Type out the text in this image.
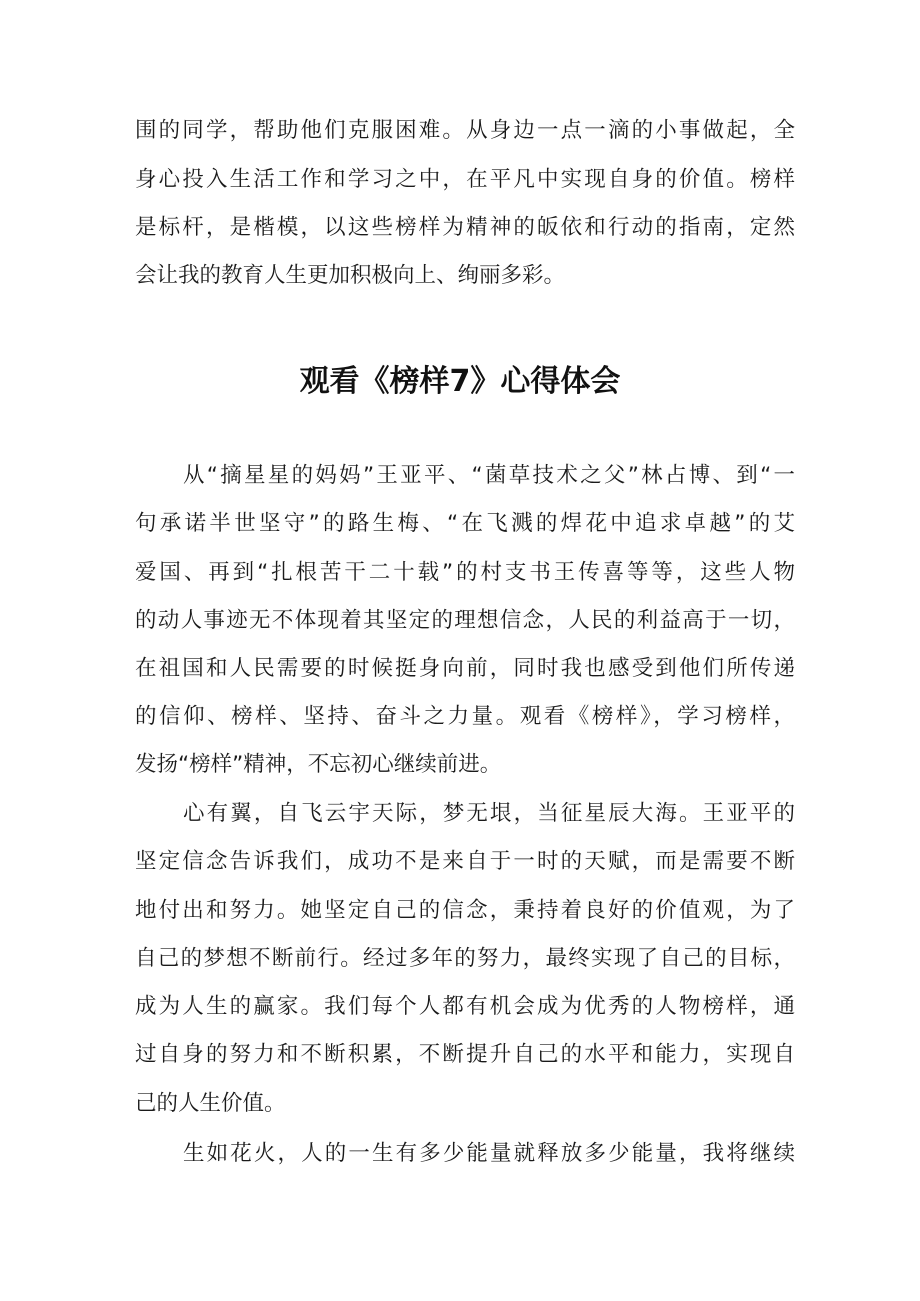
围的同学，帮助他们克服困难。从身边一点一滴的小事做起，全
身心投入生活工作和学习之中，在平凡中实现自身的价值。榜样
是标杆，是楷模，以这些榜样为精神的皈依和行动的指南，定然
会让我的教育人生更加积极向上、绚丽多彩。
观看《榜样7》心得体会
从“摘星星的妈妈”王亚平、“菌草技术之父”林占博、到“一
句承诺半世坚守”的路生梅、“在飞溅的焊花中追求卓越”的艾
爱国、再到“扎根苦干二十载”的村支书王传喜等等，这些人物
的动人事迹无不体现着其坚定的理想信念，人民的利益高于一切，
在祖国和人民需要的时候挺身向前，同时我也感受到他们所传递
的信仰、榜样、坚持、奋斗之力量。观看《榜样》，学习榜样，
发扬“榜样”精神，不忘初心继续前进。
心有翼，自飞云宇天际，梦无垠，当征星辰大海。王亚平的
坚定信念告诉我们，成功不是来自于一时的天赋，而是需要不断
地付出和努力。她坚定自己的信念，秉持着良好的价值观，为了
自己的梦想不断前行。经过多年的努力，最终实现了自己的目标，
成为人生的赢家。我们每个人都有机会成为优秀的人物榜样，通
过自身的努力和不断积累，不断提升自己的水平和能力，实现自
己的人生价值。
生如花火，人的一生有多少能量就释放多少能量，我将继续
